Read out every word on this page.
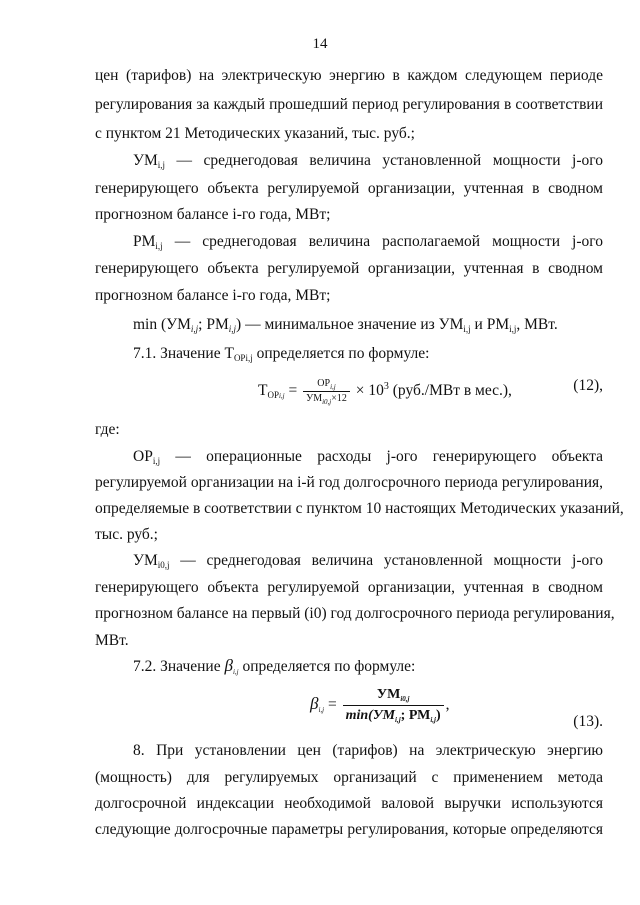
14
цен (тарифов) на электрическую энергию в каждом следующем периоде
регулирования за каждый прошедший период регулирования в соответствии
с пунктом 21 Методических указаний, тыс. руб.;
$УМ_{i,j}$ — среднегодовая величина установленной мощности j-ого
генерирующего объекта регулируемой организации, учтенная в сводном
прогнозном балансе i-го года, МВт;
$РМ_{i,j}$ — среднегодовая величина располагаемой мощности j-ого
генерирующего объекта регулируемой организации, учтенная в сводном
прогнозном балансе i-го года, МВт;
$\min (УМ_{i,j}$; $РМ_{i,j}$) — минимальное значение из $УМ_{i,j}$ и $РМ_{i,j}$, МВт.
7.1. Значение $T_{OPi,j}$ определяется по формуле:
$T_{OPi,j} = \frac{OP_{i,j}}{УМ_{i0,j}\times 12} \times 10^3$ (руб./МВт в мес.),	(12),
где:
$OP_{i,j}$ — операционные расходы j-ого генерирующего объекта
регулируемой организации на i-й год долгосрочного периода регулирования,
определяемые в соответствии с пунктом 10 настоящих Методических указаний,
тыс. руб.;
$УМ_{i0,j}$ — среднегодовая величина установленной мощности j-ого
генерирующего объекта регулируемой организации, учтенная в сводном
прогнозном балансе на первый (i0) год долгосрочного периода регулирования,
МВт.
7.2. Значение $\beta_{i,j}$ определяется по формуле:
$\beta_{i,j} = \frac{УМ_{i0,j}}{\min(УМ_{i,j}; РМ_{i,j})}$ ,
(13).
8. При установлении цен (тарифов) на электрическую энергию
(мощность) для регулируемых организаций с применением метода
долгосрочной индексации необходимой валовой выручки используются
следующие долгосрочные параметры регулирования, которые определяются
